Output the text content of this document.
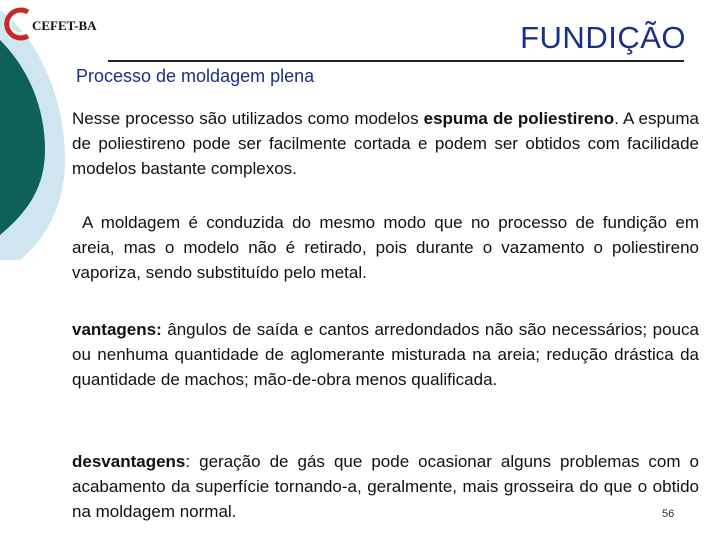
CEFET-BA	FUNDIÇÃO
Processo de moldagem plena
Nesse processo são utilizados como modelos espuma de poliestireno. A espuma de poliestireno pode ser facilmente cortada e podem ser obtidos com facilidade modelos bastante complexos.
A moldagem é conduzida do mesmo modo que no processo de fundição em areia, mas o modelo não é retirado, pois durante o vazamento o poliestireno vaporiza, sendo substituído pelo metal.
vantagens: ângulos de saída e cantos arredondados não são necessários; pouca ou nenhuma quantidade de aglomerante misturada na areia; redução drástica da quantidade de machos; mão-de-obra menos qualificada.
desvantagens: geração de gás que pode ocasionar alguns problemas com o acabamento da superfície tornando-a, geralmente, mais grosseira do que o obtido na moldagem normal.	56
